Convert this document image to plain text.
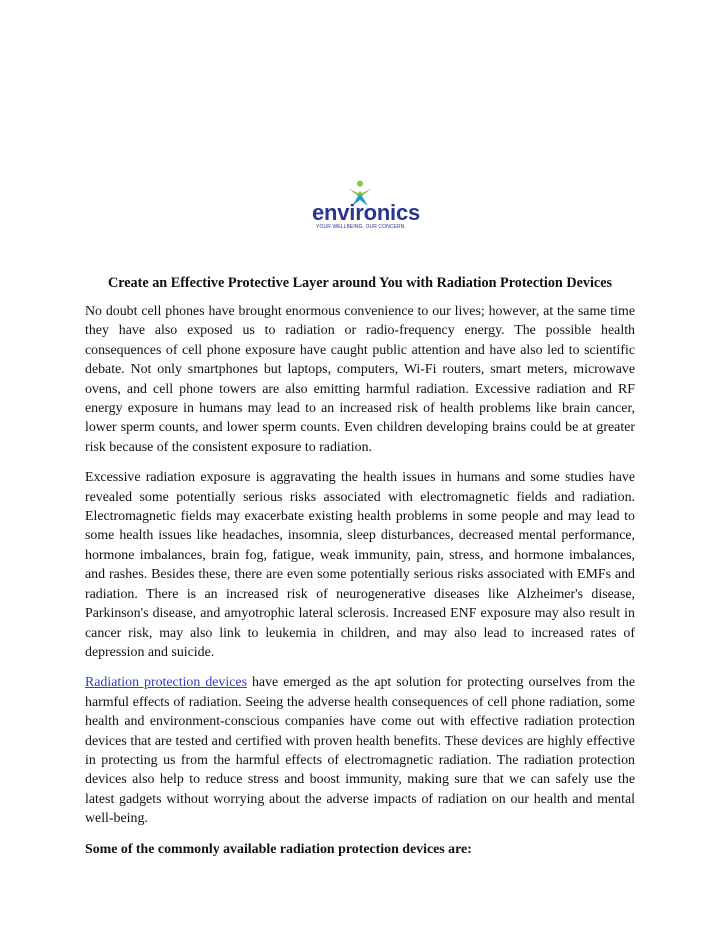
environics
YOUR WELLBEING, OUR CONCERN.

Create an Effective Protective Layer around You with Radiation Protection Devices

No doubt cell phones have brought enormous convenience to our lives; however, at the same time they have also exposed us to radiation or radio-frequency energy. The possible health consequences of cell phone exposure have caught public attention and have also led to scientific debate. Not only smartphones but laptops, computers, Wi-Fi routers, smart meters, microwave ovens, and cell phone towers are also emitting harmful radiation. Excessive radiation and RF energy exposure in humans may lead to an increased risk of health problems like brain cancer, lower sperm counts, and lower sperm counts. Even children developing brains could be at greater risk because of the consistent exposure to radiation.

Excessive radiation exposure is aggravating the health issues in humans and some studies have revealed some potentially serious risks associated with electromagnetic fields and radiation. Electromagnetic fields may exacerbate existing health problems in some people and may lead to some health issues like headaches, insomnia, sleep disturbances, decreased mental performance, hormone imbalances, brain fog, fatigue, weak immunity, pain, stress, and hormone imbalances, and rashes. Besides these, there are even some potentially serious risks associated with EMFs and radiation. There is an increased risk of neurogenerative diseases like Alzheimer's disease, Parkinson's disease, and amyotrophic lateral sclerosis. Increased ENF exposure may also result in cancer risk, may also link to leukemia in children, and may also lead to increased rates of depression and suicide.

Radiation protection devices have emerged as the apt solution for protecting ourselves from the harmful effects of radiation. Seeing the adverse health consequences of cell phone radiation, some health and environment-conscious companies have come out with effective radiation protection devices that are tested and certified with proven health benefits. These devices are highly effective in protecting us from the harmful effects of electromagnetic radiation. The radiation protection devices also help to reduce stress and boost immunity, making sure that we can safely use the latest gadgets without worrying about the adverse impacts of radiation on our health and mental well-being.

Some of the commonly available radiation protection devices are:
